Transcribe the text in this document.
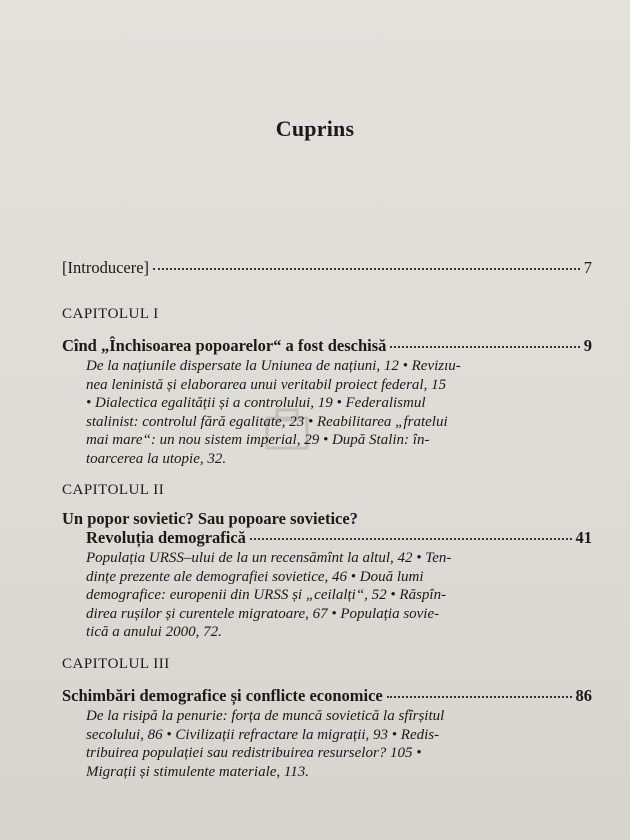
Cuprins
[Introducere]	7
CAPITOLUL I
Cînd „Închisoarea popoarelor“ a fost deschisă	9
De la națiunile dispersate la Uniunea de națiuni, 12 • Revizıu-
nea leninistă și elaborarea unui veritabil proiect federal, 15
• Dialectica egalității și a controlului, 19 • Federalismul
stalinist: controlul fără egalitate, 23 • Reabilitarea „fratelui
mai mare“: un nou sistem imperial, 29 • După Stalin: în-
toarcerea la utopie, 32.
CAPITOLUL II
Un popor sovietic? Sau popoare sovietice?
Revoluția demografică	41
Populația URSS–ului de la un recensămînt la altul, 42 • Ten-
dințe prezente ale demografiei sovietice, 46 • Două lumi
demografice: europenii din URSS și „ceilalți“, 52 • Răspîn-
direa rușilor și curentele migratoare, 67 • Populația sovie-
tică a anului 2000, 72.
CAPITOLUL III
Schimbări demografice și conflicte economice	86
De la risipă la penurie: forța de muncă sovietică la sfîrșitul
secolului, 86 • Civilizații refractare la migrații, 93 • Redis-
tribuirea populației sau redistribuirea resurselor? 105 •
Migrații și stimulente materiale, 113.
